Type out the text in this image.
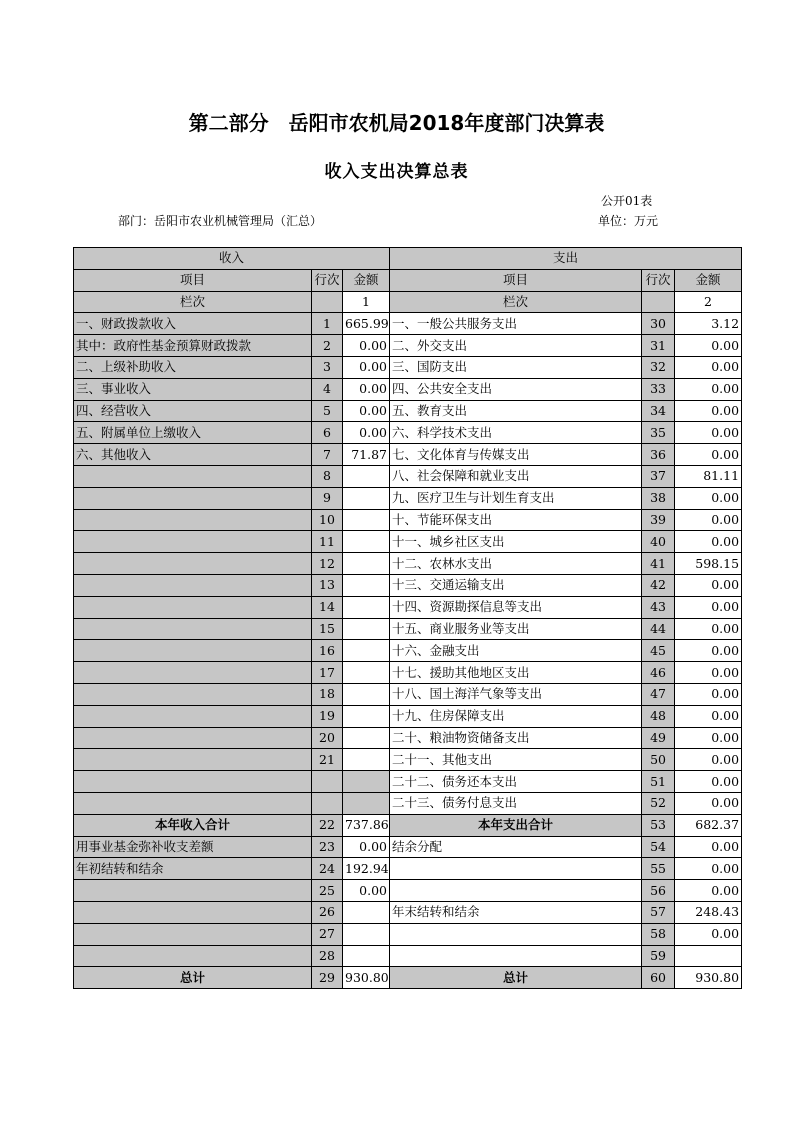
第二部分　岳阳市农机局2018年度部门决算表
收入支出决算总表
公开01表
部门：岳阳市农业机械管理局（汇总）	单位：万元
收入			支出		
项目	行次	金额	项目	行次	金额
栏次		1	栏次		2
一、财政拨款收入	1	665.99	一、一般公共服务支出	30	3.12
其中：政府性基金预算财政拨款	2	0.00	二、外交支出	31	0.00
二、上级补助收入	3	0.00	三、国防支出	32	0.00
三、事业收入	4	0.00	四、公共安全支出	33	0.00
四、经营收入	5	0.00	五、教育支出	34	0.00
五、附属单位上缴收入	6	0.00	六、科学技术支出	35	0.00
六、其他收入	7	71.87	七、文化体育与传媒支出	36	0.00
	8		八、社会保障和就业支出	37	81.11
	9		九、医疗卫生与计划生育支出	38	0.00
	10		十、节能环保支出	39	0.00
	11		十一、城乡社区支出	40	0.00
	12		十二、农林水支出	41	598.15
	13		十三、交通运输支出	42	0.00
	14		十四、资源勘探信息等支出	43	0.00
	15		十五、商业服务业等支出	44	0.00
	16		十六、金融支出	45	0.00
	17		十七、援助其他地区支出	46	0.00
	18		十八、国土海洋气象等支出	47	0.00
	19		十九、住房保障支出	48	0.00
	20		二十、粮油物资储备支出	49	0.00
	21		二十一、其他支出	50	0.00
			二十二、债务还本支出	51	0.00
			二十三、债务付息支出	52	0.00
本年收入合计	22	737.86	本年支出合计	53	682.37
用事业基金弥补收支差额	23	0.00	结余分配	54	0.00
年初结转和结余	24	192.94		55	0.00
	25	0.00		56	0.00
	26		年末结转和结余	57	248.43
	27			58	0.00
	28			59	
总计	29	930.80	总计	60	930.80
